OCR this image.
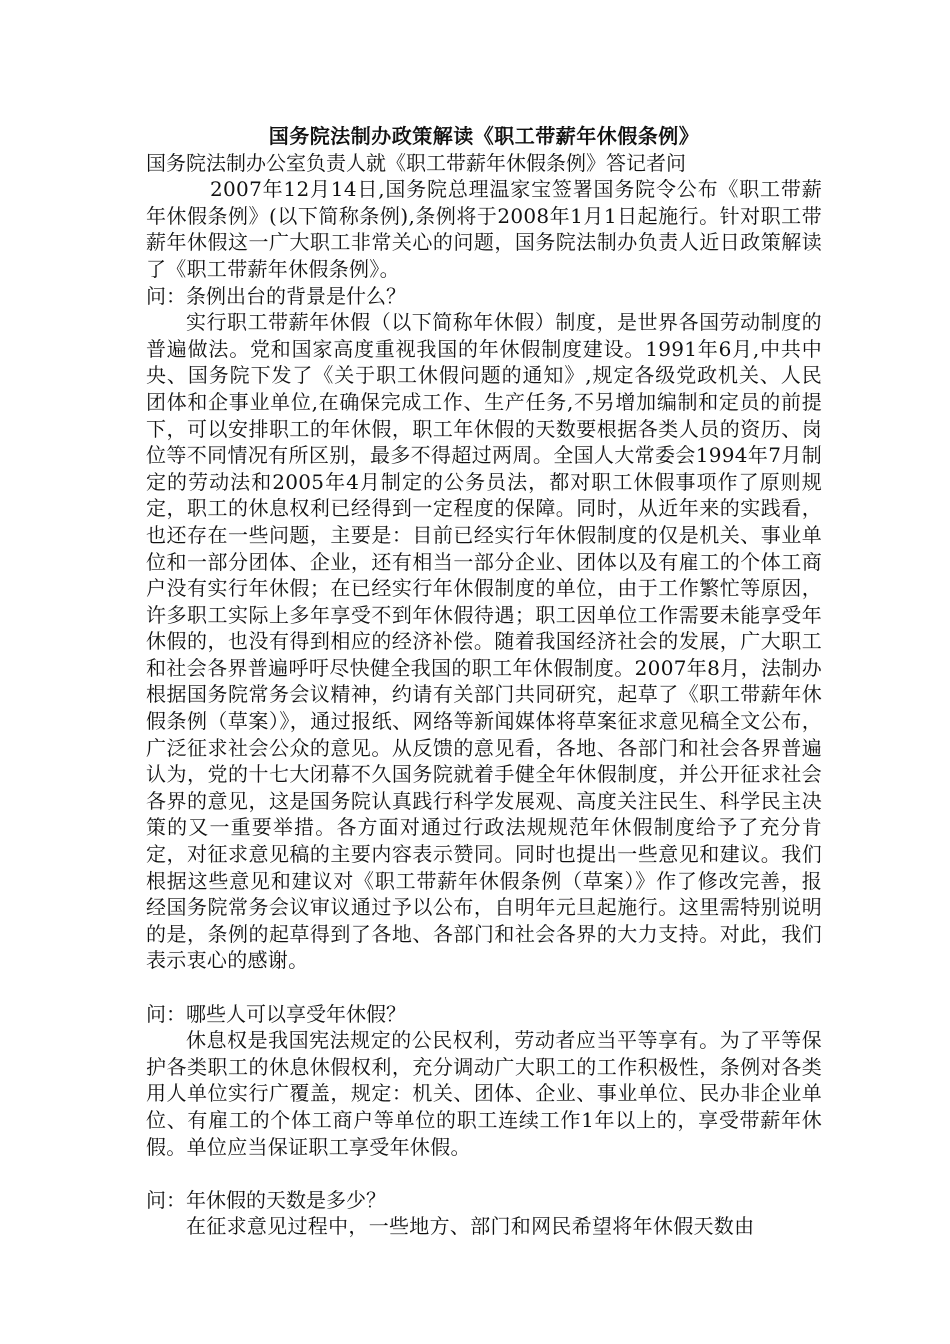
国务院法制办政策解读《职工带薪年休假条例》
国务院法制办公室负责人就《职工带薪年休假条例》答记者问

2007年12月14日,国务院总理温家宝签署国务院令公布《职工带薪年休假条例》(以下简称条例),条例将于2008年1月1日起施行。针对职工带薪年休假这一广大职工非常关心的问题，国务院法制办负责人近日政策解读了《职工带薪年休假条例》。

问：条例出台的背景是什么？

实行职工带薪年休假（以下简称年休假）制度，是世界各国劳动制度的普遍做法。党和国家高度重视我国的年休假制度建设。1991年6月,中共中央、国务院下发了《关于职工休假问题的通知》,规定各级党政机关、人民团体和企事业单位,在确保完成工作、生产任务,不另增加编制和定员的前提下，可以安排职工的年休假，职工年休假的天数要根据各类人员的资历、岗位等不同情况有所区别，最多不得超过两周。全国人大常委会1994年7月制定的劳动法和2005年4月制定的公务员法，都对职工休假事项作了原则规定，职工的休息权利已经得到一定程度的保障。同时，从近年来的实践看，也还存在一些问题，主要是：目前已经实行年休假制度的仅是机关、事业单位和一部分团体、企业，还有相当一部分企业、团体以及有雇工的个体工商户没有实行年休假；在已经实行年休假制度的单位，由于工作繁忙等原因，许多职工实际上多年享受不到年休假待遇；职工因单位工作需要未能享受年休假的，也没有得到相应的经济补偿。随着我国经济社会的发展，广大职工和社会各界普遍呼吁尽快健全我国的职工年休假制度。2007年8月，法制办根据国务院常务会议精神，约请有关部门共同研究，起草了《职工带薪年休假条例（草案）》，通过报纸、网络等新闻媒体将草案征求意见稿全文公布，广泛征求社会公众的意见。从反馈的意见看，各地、各部门和社会各界普遍认为，党的十七大闭幕不久国务院就着手健全年休假制度，并公开征求社会各界的意见，这是国务院认真践行科学发展观、高度关注民生、科学民主决策的又一重要举措。各方面对通过行政法规规范年休假制度给予了充分肯定，对征求意见稿的主要内容表示赞同。同时也提出一些意见和建议。我们根据这些意见和建议对《职工带薪年休假条例（草案）》作了修改完善，报经国务院常务会议审议通过予以公布，自明年元旦起施行。这里需特别说明的是，条例的起草得到了各地、各部门和社会各界的大力支持。对此，我们表示衷心的感谢。

问：哪些人可以享受年休假？

休息权是我国宪法规定的公民权利，劳动者应当平等享有。为了平等保护各类职工的休息休假权利，充分调动广大职工的工作积极性，条例对各类用人单位实行广覆盖，规定：机关、团体、企业、事业单位、民办非企业单位、有雇工的个体工商户等单位的职工连续工作1年以上的，享受带薪年休假。单位应当保证职工享受年休假。

问：年休假的天数是多少？

在征求意见过程中，一些地方、部门和网民希望将年休假天数由
